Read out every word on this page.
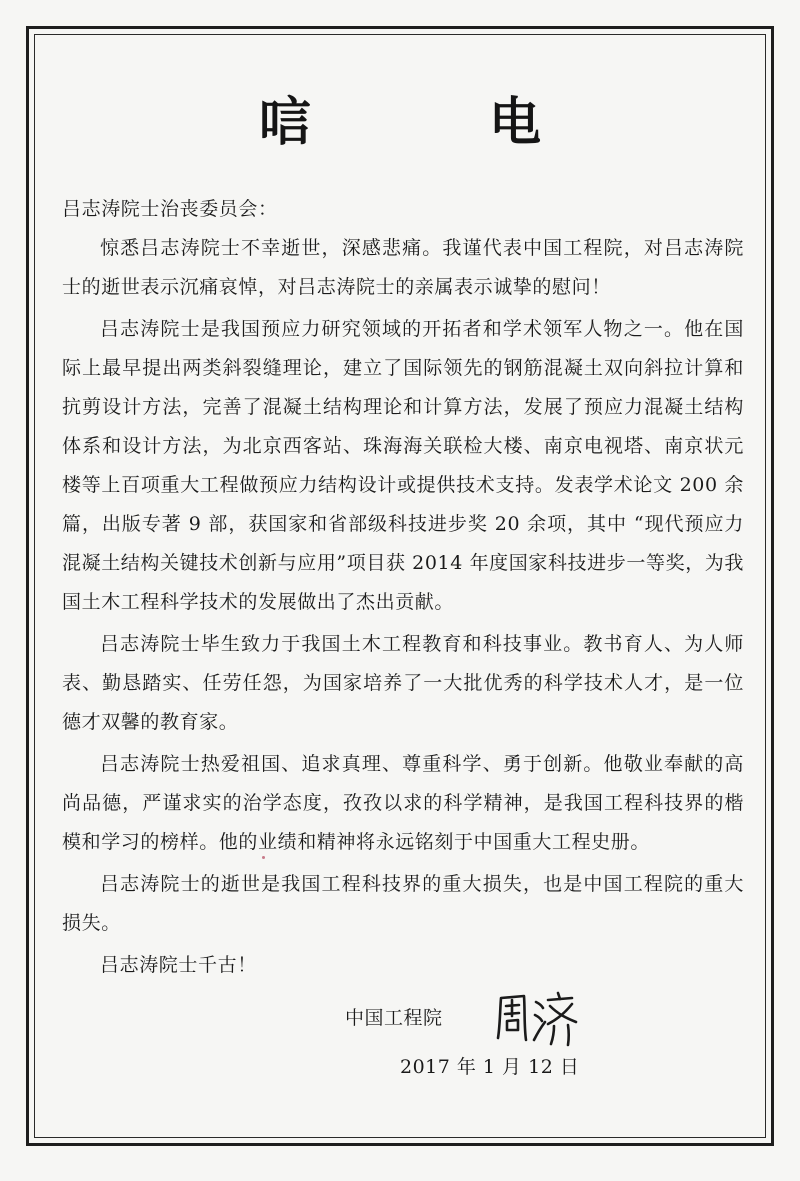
唁 电

吕志涛院士治丧委员会：

惊悉吕志涛院士不幸逝世，深感悲痛。我谨代表中国工程院，对吕志涛院士的逝世表示沉痛哀悼，对吕志涛院士的亲属表示诚挚的慰问！

吕志涛院士是我国预应力研究领域的开拓者和学术领军人物之一。他在国际上最早提出两类斜裂缝理论，建立了国际领先的钢筋混凝土双向斜拉计算和抗剪设计方法，完善了混凝土结构理论和计算方法，发展了预应力混凝土结构体系和设计方法，为北京西客站、珠海海关联检大楼、南京电视塔、南京状元楼等上百项重大工程做预应力结构设计或提供技术支持。发表学术论文 200 余篇，出版专著 9 部，获国家和省部级科技进步奖 20 余项，其中 “现代预应力混凝土结构关键技术创新与应用”项目获 2014 年度国家科技进步一等奖，为我国土木工程科学技术的发展做出了杰出贡献。

吕志涛院士毕生致力于我国土木工程教育和科技事业。教书育人、为人师表、勤恳踏实、任劳任怨，为国家培养了一大批优秀的科学技术人才，是一位德才双馨的教育家。

吕志涛院士热爱祖国、追求真理、尊重科学、勇于创新。他敬业奉献的高尚品德，严谨求实的治学态度，孜孜以求的科学精神，是我国工程科技界的楷模和学习的榜样。他的业绩和精神将永远铭刻于中国重大工程史册。

吕志涛院士的逝世是我国工程科技界的重大损失，也是中国工程院的重大损失。

吕志涛院士千古！

中国工程院
2017 年 1 月 12 日
